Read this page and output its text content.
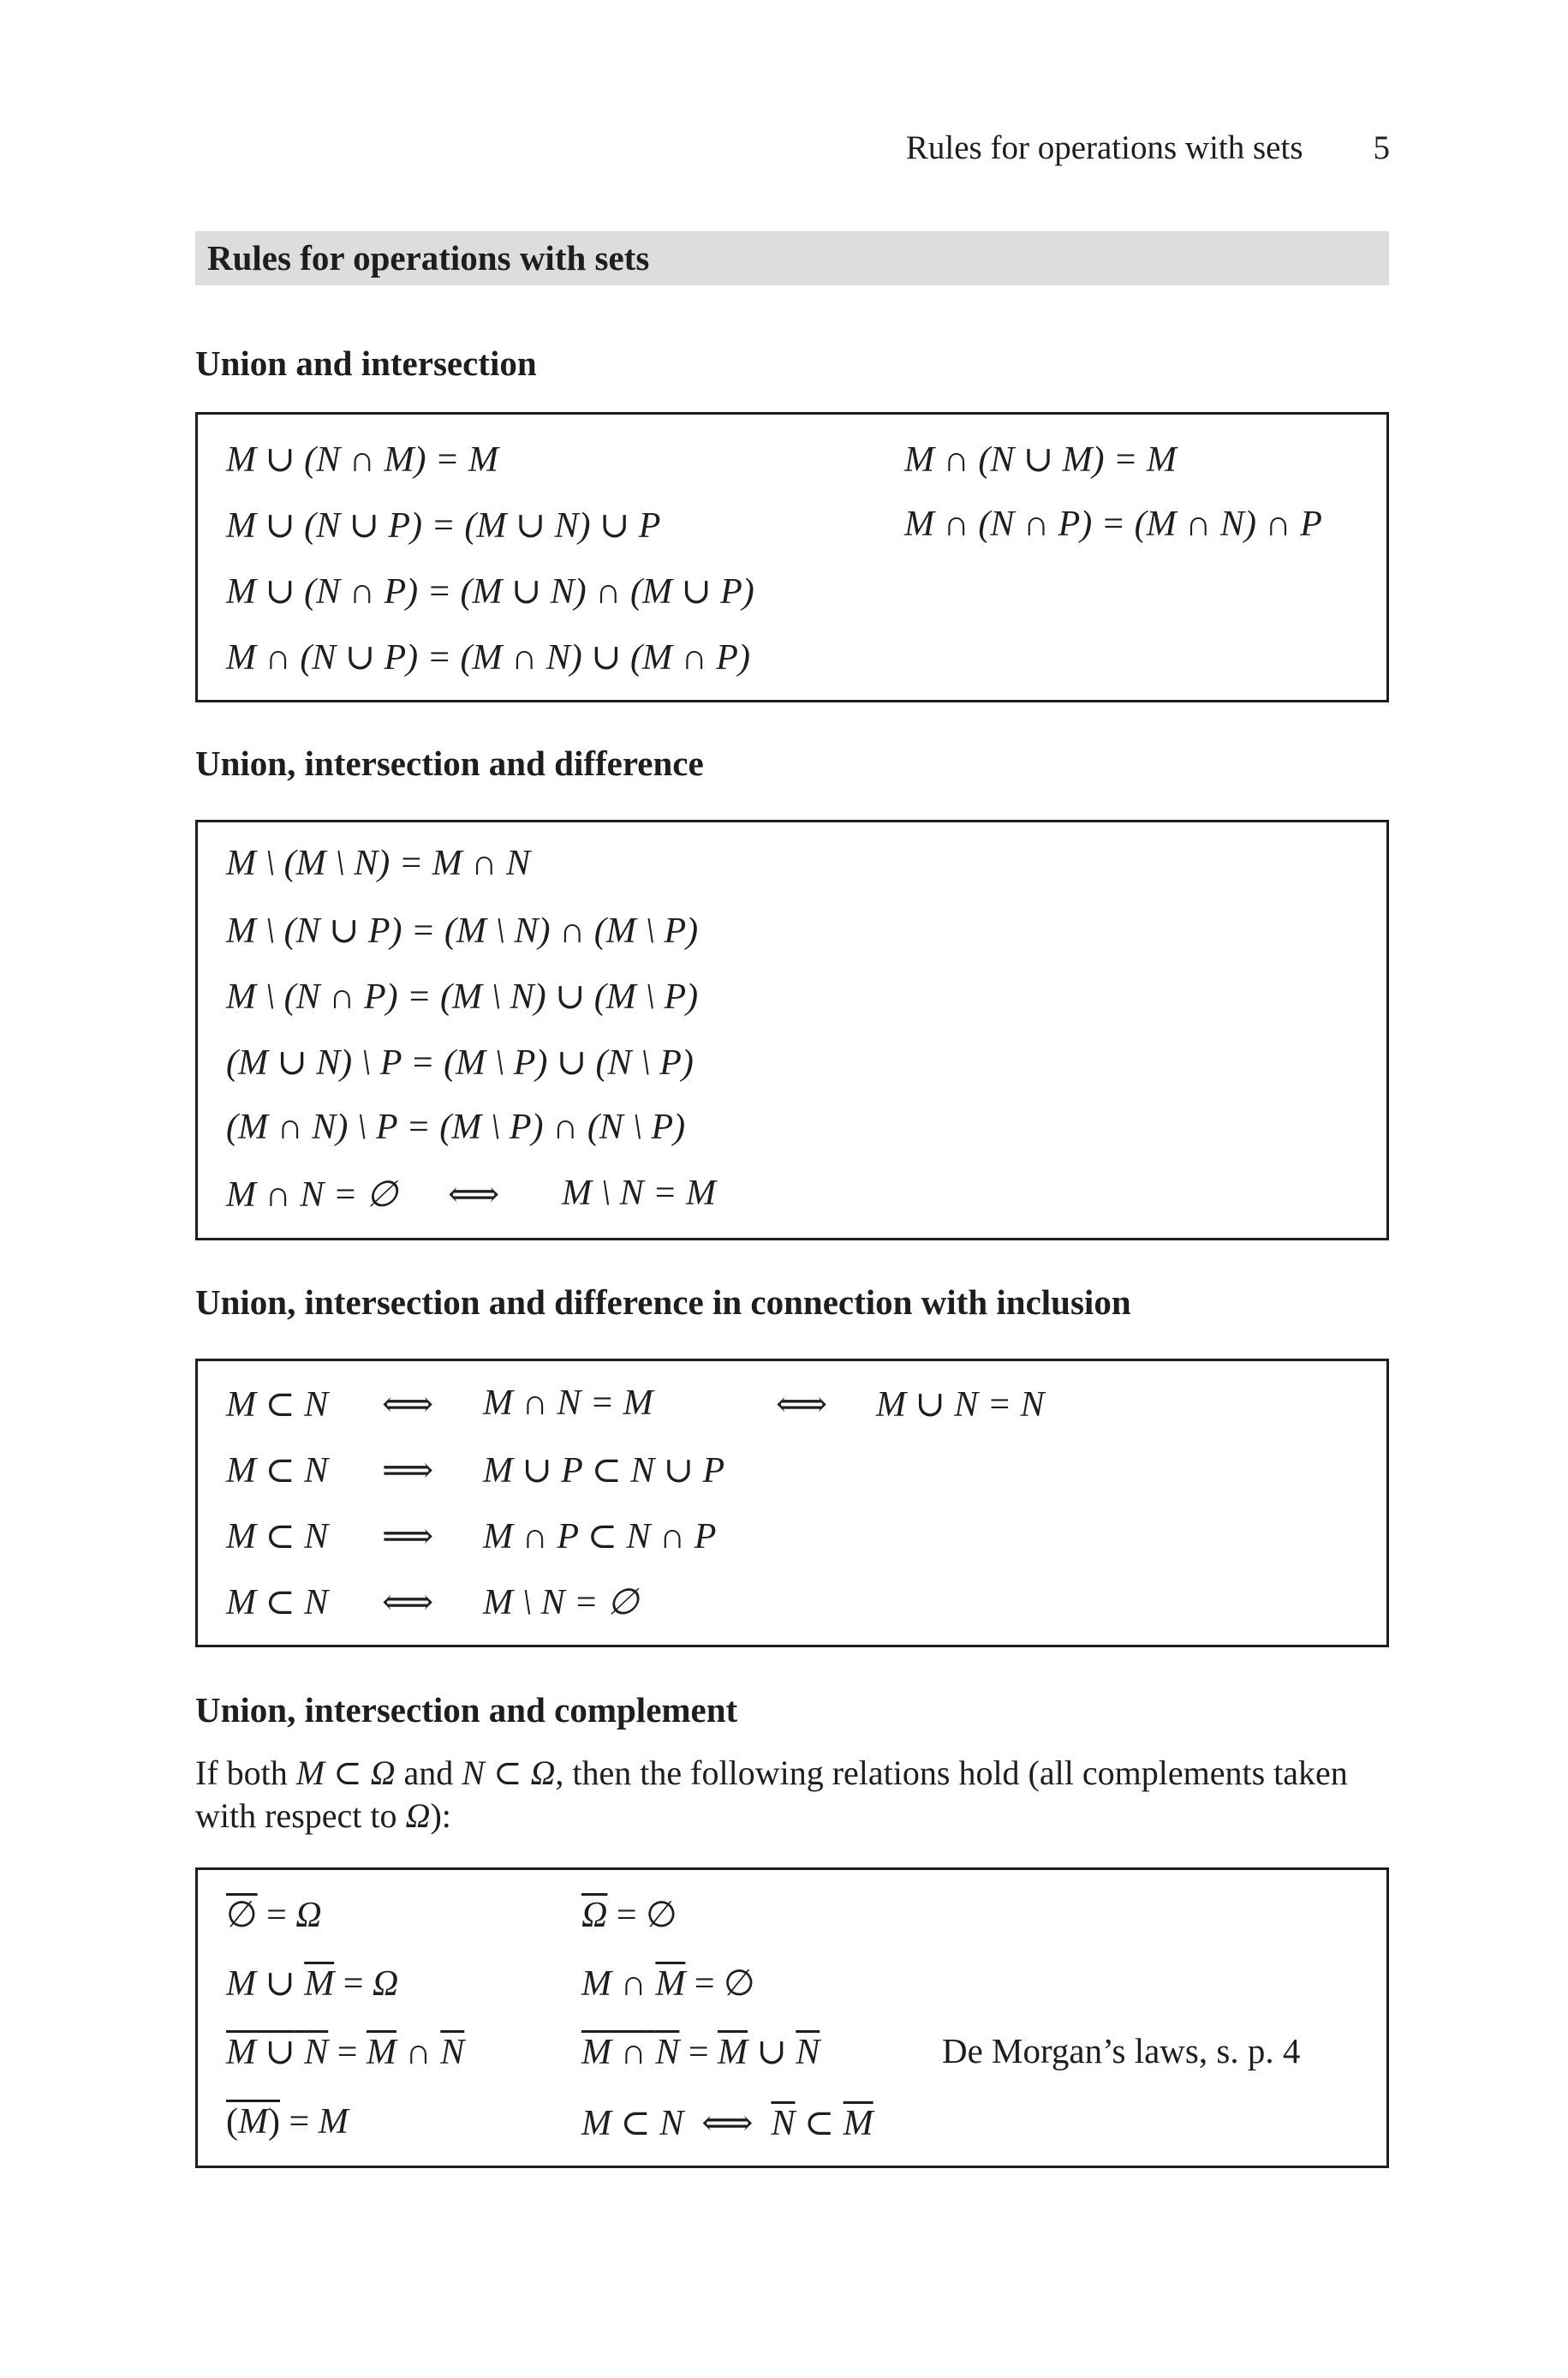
Rules for operations with sets 5
Rules for operations with sets
Union and intersection
M ∪ (N ∩ M) = M	M ∩ (N ∪ M) = M
M ∪ (N ∪ P) = (M ∪ N) ∪ P	M ∩ (N ∩ P) = (M ∩ N) ∩ P
M ∪ (N ∩ P) = (M ∪ N) ∩ (M ∪ P)
M ∩ (N ∪ P) = (M ∩ N) ∪ (M ∩ P)
Union, intersection and difference
M \ (M \ N) = M ∩ N
M \ (N ∪ P) = (M \ N) ∩ (M \ P)
M \ (N ∩ P) = (M \ N) ∪ (M \ P)
(M ∪ N) \ P = (M \ P) ∪ (N \ P)
(M ∩ N) \ P = (M \ P) ∩ (N \ P)
M ∩ N = ∅ ⟺ M \ N = M
Union, intersection and difference in connection with inclusion
M ⊂ N ⟺ M ∩ N = M	⟺ M ∪ N = N
M ⊂ N ⟹ M ∪ P ⊂ N ∪ P
M ⊂ N ⟹ M ∩ P ⊂ N ∩ P
M ⊂ N ⟺ M \ N = ∅
Union, intersection and complement
If both M ⊂ Ω and N ⊂ Ω, then the following relations hold (all complements taken with respect to Ω):
∅ = Ω	$\overline{\Omega}$ = ∅
M ∪ $\overline{M} = \Omega$	M ∩ $\overline{M}$ = ∅
M ∪ $N = \overline{M}$ ∩ $\overline{N}$	M ∩ $N = \overline{M}$ ∪ $\overline{N}$	De Morgan’s laws, s. p. 4
(M) = M	M ⊂ N ⟺ $\overline{N}$ ⊂ $\overline{M}$
